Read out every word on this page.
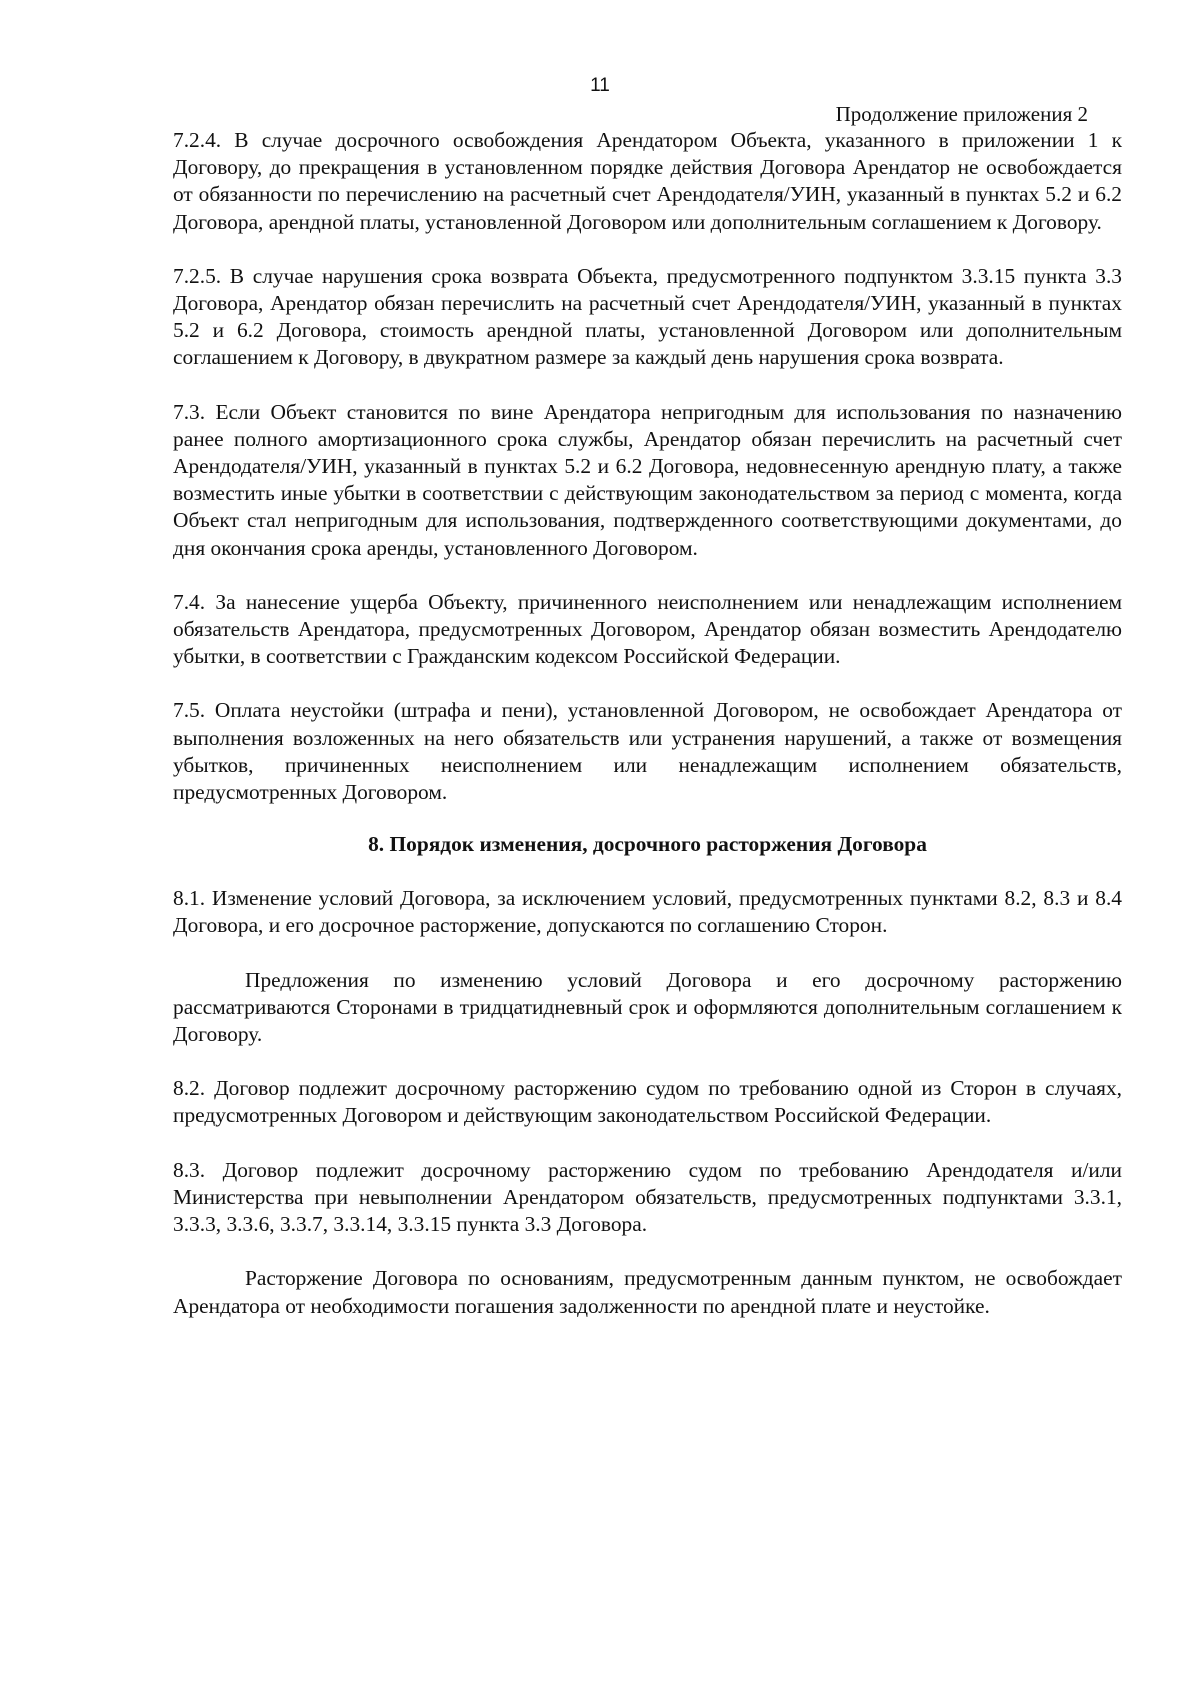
11
Продолжение приложения 2

7.2.4. В случае досрочного освобождения Арендатором Объекта, указанного в приложении 1 к Договору, до прекращения в установленном порядке действия Договора Арендатор не освобождается от обязанности по перечислению на расчетный счет Арендодателя/УИН, указанный в пунктах 5.2 и 6.2 Договора, арендной платы, установленной Договором или дополнительным соглашением к Договору.

7.2.5. В случае нарушения срока возврата Объекта, предусмотренного подпунктом 3.3.15 пункта 3.3 Договора, Арендатор обязан перечислить на расчетный счет Арендодателя/УИН, указанный в пунктах 5.2 и 6.2 Договора, стоимость арендной платы, установленной Договором или дополнительным соглашением к Договору, в двукратном размере за каждый день нарушения срока возврата.

7.3. Если Объект становится по вине Арендатора непригодным для использования по назначению ранее полного амортизационного срока службы, Арендатор обязан перечислить на расчетный счет Арендодателя/УИН, указанный в пунктах 5.2 и 6.2 Договора, недовнесенную арендную плату, а также возместить иные убытки в соответствии с действующим законодательством за период с момента, когда Объект стал непригодным для использования, подтвержденного соответствующими документами, до дня окончания срока аренды, установленного Договором.

7.4. За нанесение ущерба Объекту, причиненного неисполнением или ненадлежащим исполнением обязательств Арендатора, предусмотренных Договором, Арендатор обязан возместить Арендодателю убытки, в соответствии с Гражданским кодексом Российской Федерации.

7.5. Оплата неустойки (штрафа и пени), установленной Договором, не освобождает Арендатора от выполнения возложенных на него обязательств или устранения нарушений, а также от возмещения убытков, причиненных неисполнением или ненадлежащим исполнением обязательств, предусмотренных Договором.

8. Порядок изменения, досрочного расторжения Договора

8.1. Изменение условий Договора, за исключением условий, предусмотренных пунктами 8.2, 8.3 и 8.4 Договора, и его досрочное расторжение, допускаются по соглашению Сторон.

Предложения по изменению условий Договора и его досрочному расторжению рассматриваются Сторонами в тридцатидневный срок и оформляются дополнительным соглашением к Договору.

8.2. Договор подлежит досрочному расторжению судом по требованию одной из Сторон в случаях, предусмотренных Договором и действующим законодательством Российской Федерации.

8.3. Договор подлежит досрочному расторжению судом по требованию Арендодателя и/или Министерства при невыполнении Арендатором обязательств, предусмотренных подпунктами 3.3.1, 3.3.3, 3.3.6, 3.3.7, 3.3.14, 3.3.15 пункта 3.3 Договора.

Расторжение Договора по основаниям, предусмотренным данным пунктом, не освобождает Арендатора от необходимости погашения задолженности по арендной плате и неустойке.
